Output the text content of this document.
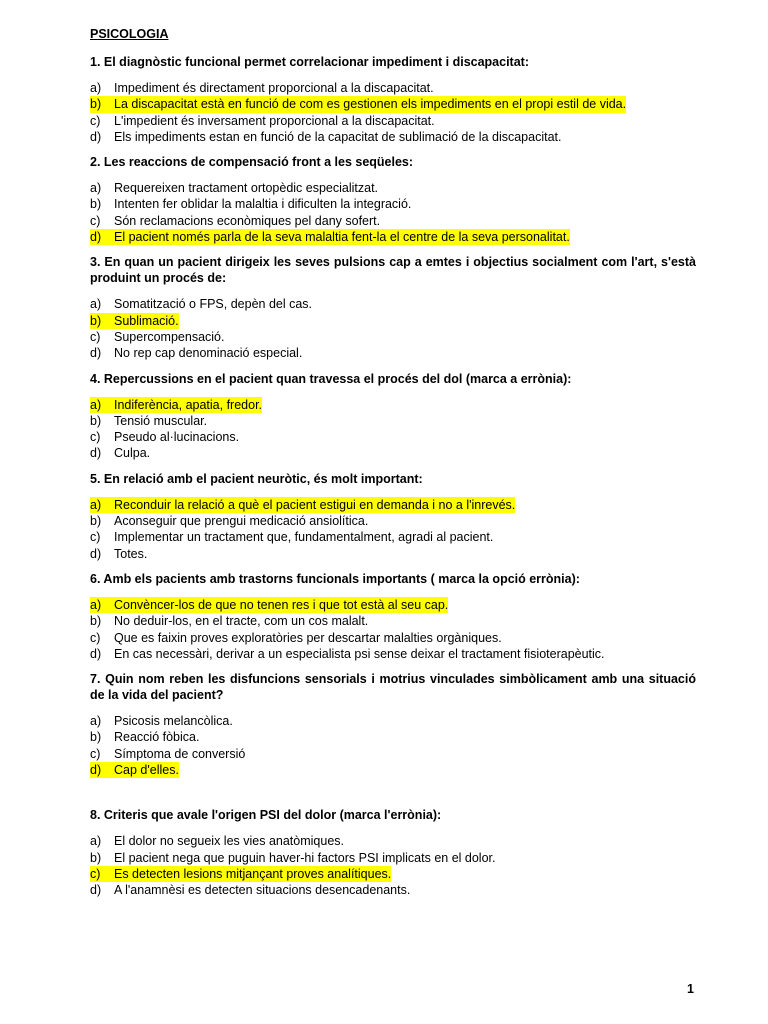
PSICOLOGIA
1. El diagnòstic funcional permet correlacionar impediment i discapacitat:
a)	Impediment és directament proporcional a la discapacitat.
b)	La discapacitat està en funció de com es gestionen els impediments en el propi estil de vida.
c)	L'impedient és inversament proporcional a la discapacitat.
d)	Els impediments estan en funció de la capacitat de sublimació de la discapacitat.
2. Les reaccions de compensació front a les seqüeles:
a)	Requereixen tractament ortopèdic especialitzat.
b)	Intenten fer oblidar la malaltia i dificulten la integració.
c)	Són reclamacions econòmiques pel dany sofert.
d)	El pacient només parla de la seva malaltia fent-la el centre de la seva personalitat.
3. En quan un pacient dirigeix les seves pulsions cap a emtes i objectius socialment com l'art, s'està produint un procés de:
a)	Somatització o FPS, depèn del cas.
b)	Sublimació.
c)	Supercompensació.
d)	No rep cap denominació especial.
4. Repercussions en el pacient quan travessa el procés del dol (marca a errònia):
a)	Indiferència, apatia, fredor.
b)	Tensió muscular.
c)	Pseudo al·lucinacions.
d)	Culpa.
5. En relació amb el pacient neuròtic, és molt important:
a)	Reconduir la relació a què el pacient estigui en demanda i no a l'inrevés.
b)	Aconseguir que prengui medicació ansiolítica.
c)	Implementar un tractament que, fundamentalment, agradi al pacient.
d)	Totes.
6. Amb els pacients amb trastorns funcionals importants ( marca la opció errònia):
a)	Convèncer-los de que no tenen res i que tot està al seu cap.
b)	No deduir-los, en el tracte, com un cos malalt.
c)	Que es faixin proves exploratòries per descartar malalties orgàniques.
d)	En cas necessàri, derivar a un especialista psi sense deixar el tractament fisioterapèutic.
7. Quin nom reben les disfuncions sensorials i motrius vinculades simbòlicament amb una situació de la vida del pacient?
a)	Psicosis melancòlica.
b)	Reacció fòbica.
c)	Símptoma de conversió
d)	Cap d'elles.
8. Criteris que avale l'origen PSI del dolor (marca l'errònia):
a)	El dolor no segueix les vies anatòmiques.
b)	El pacient nega que puguin haver-hi factors PSI implicats en el dolor.
c)	Es detecten lesions mitjançant proves analítiques.
d)	A l'anamnèsi es detecten situacions desencadenants.
1
